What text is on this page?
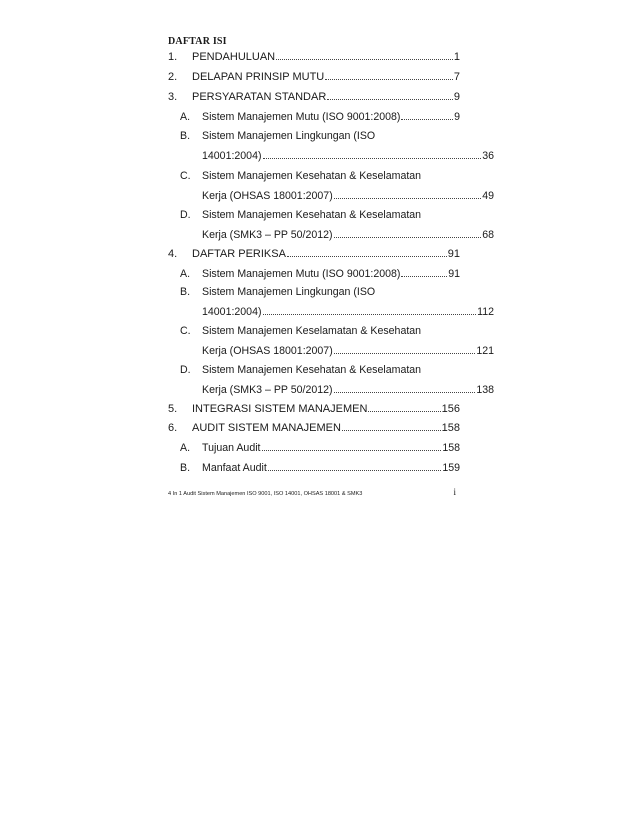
DAFTAR ISI
1.	PENDAHULUAN	1
2.	DELAPAN PRINSIP MUTU	7
3.	PERSYARATAN STANDAR	9
A.	Sistem Manajemen Mutu (ISO 9001:2008)	9
B.	Sistem Manajemen Lingkungan (ISO
14001:2004)	36
C.	Sistem Manajemen Kesehatan & Keselamatan
Kerja (OHSAS 18001:2007)	49
D.	Sistem Manajemen Kesehatan & Keselamatan
Kerja (SMK3 – PP 50/2012)	68
4.	DAFTAR PERIKSA	91
A.	Sistem Manajemen Mutu (ISO 9001:2008)	91
B.	Sistem Manajemen Lingkungan (ISO
14001:2004)	112
C.	Sistem Manajemen Keselamatan & Kesehatan
Kerja (OHSAS 18001:2007)	121
D.	Sistem Manajemen Kesehatan & Keselamatan
Kerja (SMK3 – PP 50/2012)	138
5.	INTEGRASI SISTEM MANAJEMEN	156
6.	AUDIT SISTEM MANAJEMEN	158
A.	Tujuan Audit	158
B.	Manfaat Audit	159
4 In 1 Audit Sistem Manajemen ISO 9001, ISO 14001, OHSAS 18001 & SMK3	i
